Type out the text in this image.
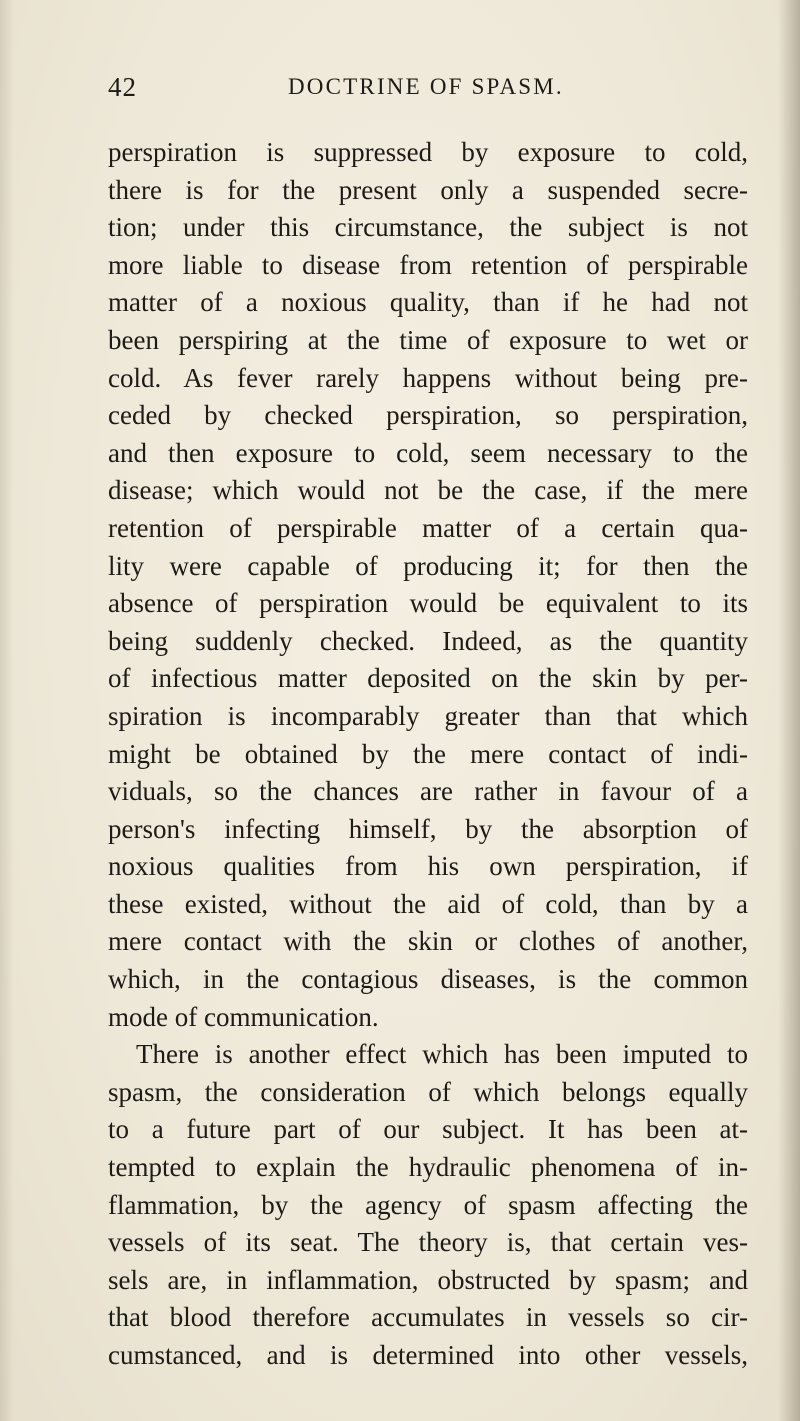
42	DOCTRINE OF SPASM.
perspiration is suppressed by exposure to cold,
there is for the present only a suspended secre-
tion; under this circumstance, the subject is not
more liable to disease from retention of perspirable
matter of a noxious quality, than if he had not
been perspiring at the time of exposure to wet or
cold. As fever rarely happens without being pre-
ceded by checked perspiration, so perspiration,
and then exposure to cold, seem necessary to the
disease; which would not be the case, if the mere
retention of perspirable matter of a certain qua-
lity were capable of producing it; for then the
absence of perspiration would be equivalent to its
being suddenly checked. Indeed, as the quantity
of infectious matter deposited on the skin by per-
spiration is incomparably greater than that which
might be obtained by the mere contact of indi-
viduals, so the chances are rather in favour of a
person's infecting himself, by the absorption of
noxious qualities from his own perspiration, if
these existed, without the aid of cold, than by a
mere contact with the skin or clothes of another,
which, in the contagious diseases, is the common
mode of communication.
There is another effect which has been imputed to
spasm, the consideration of which belongs equally
to a future part of our subject. It has been at-
tempted to explain the hydraulic phenomena of in-
flammation, by the agency of spasm affecting the
vessels of its seat. The theory is, that certain ves-
sels are, in inflammation, obstructed by spasm; and
that blood therefore accumulates in vessels so cir-
cumstanced, and is determined into other vessels,
